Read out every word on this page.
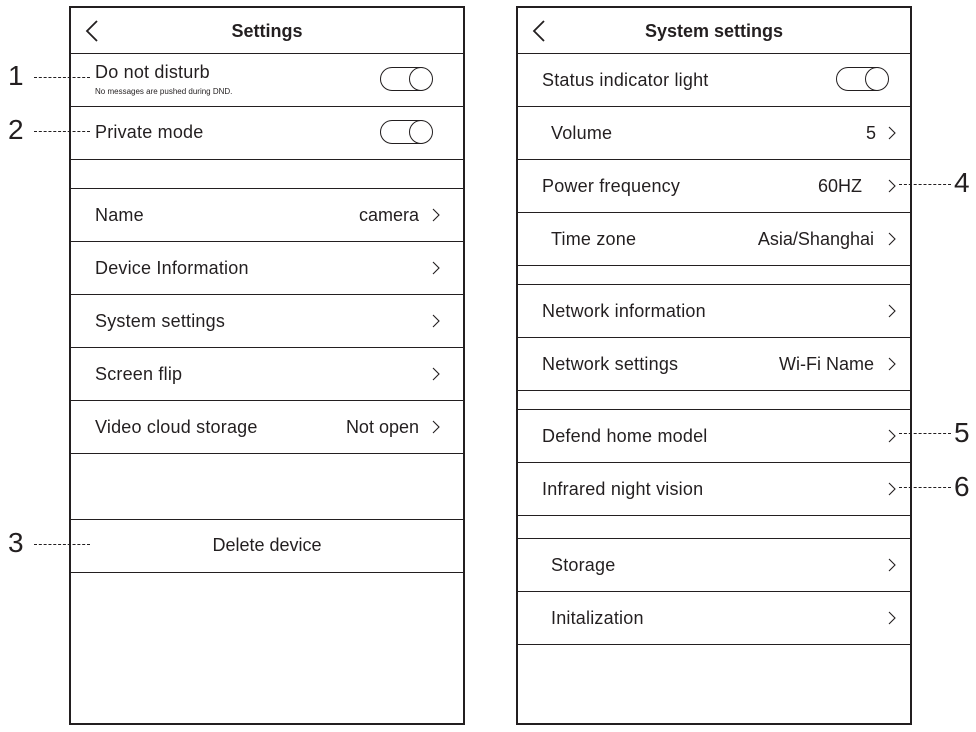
Settings
Do not disturb
No messages are pushed during DND.
Private mode
Name	camera
Device Information
System settings
Screen flip
Video cloud storage	Not open
Delete device
System settings
Status indicator light
Volume	5
Power frequency	60HZ
Time zone	Asia/Shanghai
Network information
Network settings	Wi-Fi Name
Defend home model
Infrared night vision
Storage
Initalization
1
2
3
4
5
6
